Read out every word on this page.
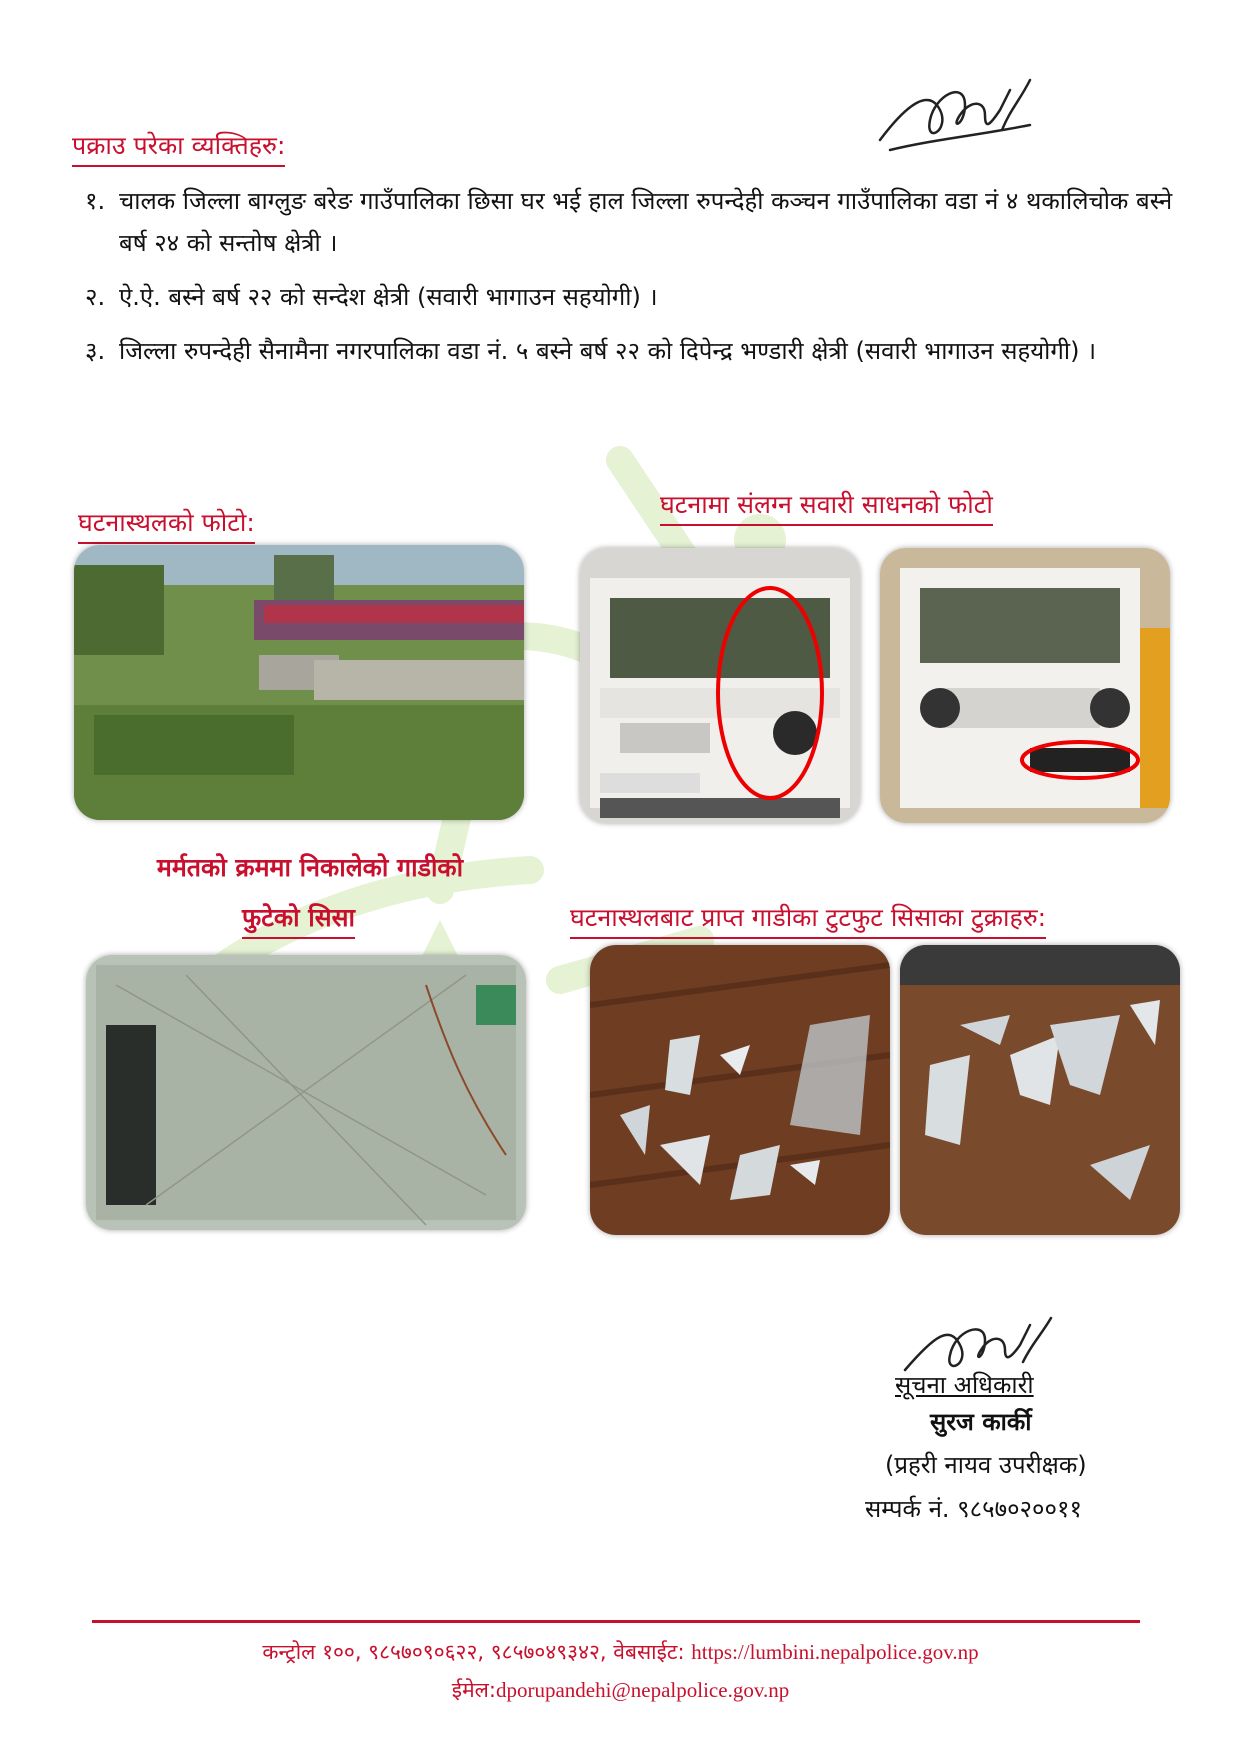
पक्राउ परेका व्यक्तिहरु:
१. चालक जिल्ला बाग्लुङ बरेङ गाउँपालिका छिसा घर भई हाल जिल्ला रुपन्देही कञ्चन गाउँपालिका वडा नं ४ थकालिचोक बस्ने बर्ष २४ को सन्तोष क्षेत्री ।
२. ऐ.ऐ. बस्ने बर्ष २२ को सन्देश क्षेत्री (सवारी भागाउन सहयोगी) ।
३. जिल्ला रुपन्देही सैनामैना नगरपालिका वडा नं. ५ बस्ने बर्ष २२ को दिपेन्द्र भण्डारी क्षेत्री (सवारी भागाउन सहयोगी) ।
घटनास्थलको फोटो:
घटनामा संलग्न सवारी साधनको फोटो
मर्मतको क्रममा निकालेको गाडीको
फुटेको सिसा	घटनास्थलबाट प्राप्त गाडीका टुटफुट सिसाका टुक्राहरु:
सूचना अधिकारी
सुरज कार्की
(प्रहरी नायव उपरीक्षक)
सम्पर्क नं. ९८५७०२००११
कन्ट्रोल १००, ९८५७०९०६२२, ९८५७०४९३४२, वेबसाईट: https://lumbini.nepalpolice.gov.np
ईमेल:dporupandehi@nepalpolice.gov.np
